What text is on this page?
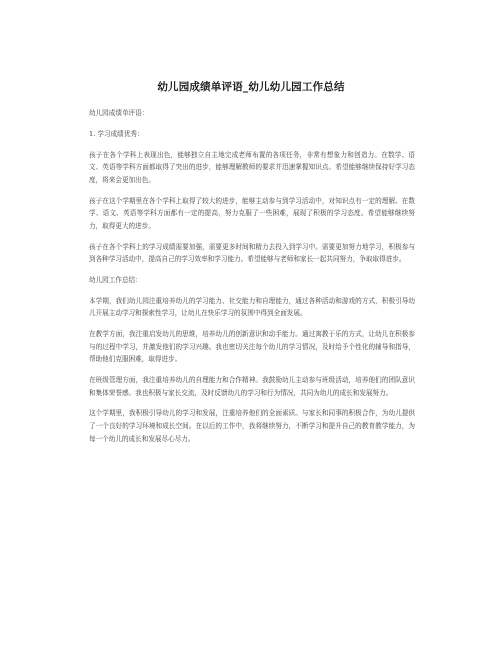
幼儿园成绩单评语_幼儿幼儿园工作总结

幼儿园成绩单评语：

1. 学习成绩优秀：

孩子在各个学科上表现出色，能够独立自主地完成老师布置的各项任务，非常有想象力和创造力。在数学、语文、英语等学科方面都取得了突出的进步，能够理解教师的要求并迅速掌握知识点。希望能够继续保持好学习态度，将来会更加出色。

孩子在这个学期里在各个学科上取得了较大的进步，能够主动参与到学习活动中，对知识点有一定的理解。在数学、语文、英语等学科方面都有一定的提高，努力克服了一些困难，展现了积极的学习态度。希望能够继续努力，取得更大的进步。

孩子在各个学科上的学习成绩需要加强，需要更多时间和精力去投入到学习中。需要更加努力地学习，积极参与到各种学习活动中，提高自己的学习效率和学习能力。希望能够与老师和家长一起共同努力，争取取得进步。

幼儿园工作总结：

本学期，我们幼儿园注重培养幼儿的学习能力、社交能力和自理能力，通过各种活动和游戏的方式，积极引导幼儿开展主动学习和探索性学习，让幼儿在快乐学习的氛围中得到全面发展。

在教学方面，我注重启发幼儿的思维，培养幼儿的创新意识和动手能力。通过寓教于乐的方式，让幼儿在积极参与的过程中学习，并激发他们的学习兴趣。我也密切关注每个幼儿的学习情况，及时给予个性化的辅导和指导，帮助他们克服困难，取得进步。

在班级管理方面，我注重培养幼儿的自理能力和合作精神。我鼓励幼儿主动参与班级活动，培养他们的团队意识和集体荣誉感。我也积极与家长交流，及时反馈幼儿的学习和行为情况，共同为幼儿的成长和发展努力。

这个学期里，我积极引导幼儿的学习和发展，注重培养他们的全面素质。与家长和同事的积极合作，为幼儿提供了一个良好的学习环境和成长空间。在以后的工作中，我将继续努力，不断学习和提升自己的教育教学能力，为每一个幼儿的成长和发展尽心尽力。
